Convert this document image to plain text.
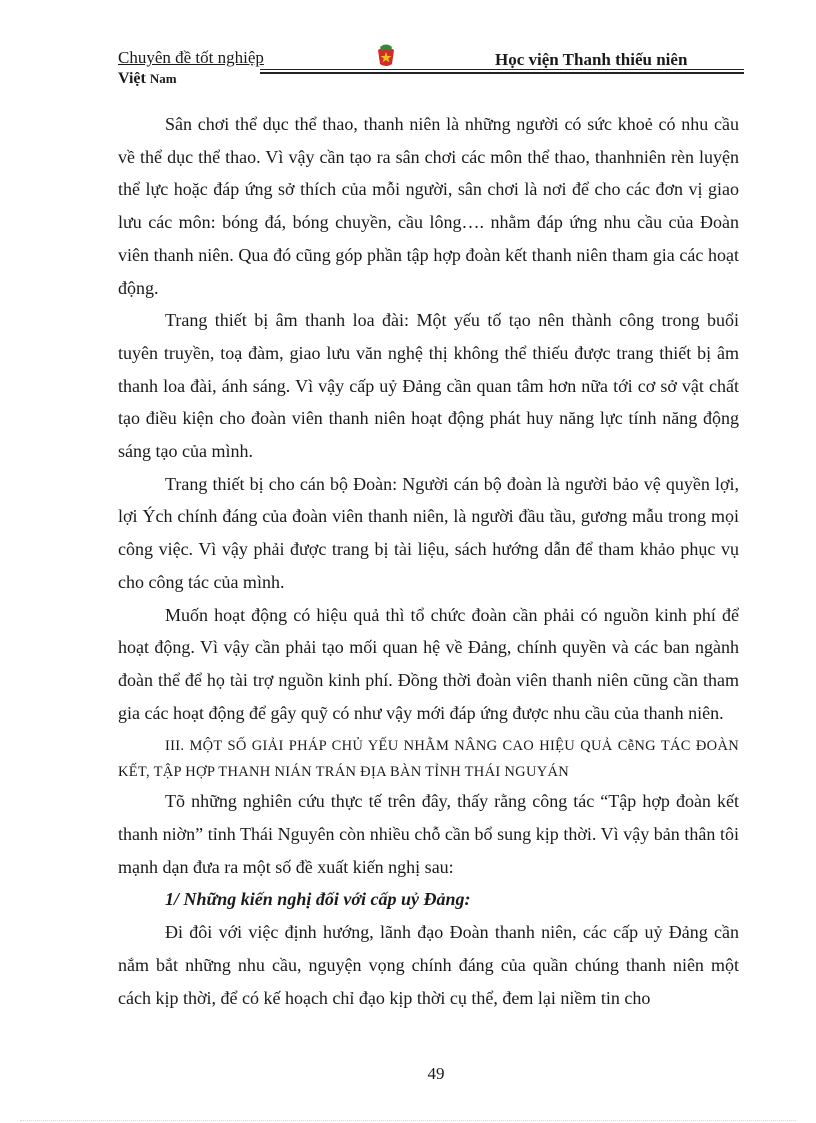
Chuyên đề tốt nghiệp
Việt Nam
Học viện Thanh thiếu niên

Sân chơi thể dục thể thao, thanh niên là những người có sức khoẻ có nhu cầu về thể dục thể thao. Vì vậy cần tạo ra sân chơi các môn thể thao, thanhniên rèn luyện thể lực hoặc đáp ứng sở thích của mỗi người, sân chơi là nơi để cho các đơn vị giao lưu các môn: bóng đá, bóng chuyền, cầu lông…. nhằm đáp ứng nhu cầu của Đoàn viên thanh niên. Qua đó cũng góp phần tập hợp đoàn kết thanh niên tham gia các hoạt động.

Trang thiết bị âm thanh loa đài: Một yếu tố tạo nên thành công trong buổi tuyên truyền, toạ đàm, giao lưu văn nghệ thị không thể thiếu được trang thiết bị âm thanh loa đài, ánh sáng. Vì vậy cấp uỷ Đảng cần quan tâm hơn nữa tới cơ sở vật chất tạo điều kiện cho đoàn viên thanh niên hoạt động phát huy năng lực tính năng động sáng tạo của mình.

Trang thiết bị cho cán bộ Đoàn: Người cán bộ đoàn là người bảo vệ quyền lợi, lợi Ých chính đáng của đoàn viên thanh niên, là người đầu tầu, gương mẫu trong mọi công việc. Vì vậy phải được trang bị tài liệu, sách hướng dẫn để tham khảo phục vụ cho công tác của mình.

Muốn hoạt động có hiệu quả thì tổ chức đoàn cần phải có nguồn kinh phí để hoạt động. Vì vậy cần phải tạo mối quan hệ về Đảng, chính quyền và các ban ngành đoàn thể để họ tài trợ nguồn kinh phí. Đồng thời đoàn viên thanh niên cũng cần tham gia các hoạt động để gây quỹ có như vậy mới đáp ứng được nhu cầu của thanh niên.

III. MỘT SỐ GIẢI PHÁP CHỦ YẾU NHẰM NÂNG CAO HIỆU QUẢ CễNG TÁC ĐOÀN KẾT, TẬP HỢP THANH NIÁN TRÁN ĐỊA BÀN TỈNH THÁI NGUYÁN

Tõ những nghiên cứu thực tế trên đây, thấy rằng công tác “Tập hợp đoàn kết thanh niờn” tỉnh Thái Nguyên còn nhiều chỗ cần bổ sung kịp thời. Vì vậy bản thân tôi mạnh dạn đưa ra một số đề xuất kiến nghị sau:

1/ Những kiến nghị đối với cấp uỷ Đảng:

Đi đôi với việc định hướng, lãnh đạo Đoàn thanh niên, các cấp uỷ Đảng cần nắm bắt những nhu cầu, nguyện vọng chính đáng của quần chúng thanh niên một cách kịp thời, để có kế hoạch chỉ đạo kịp thời cụ thể, đem lại niềm tin cho

49
